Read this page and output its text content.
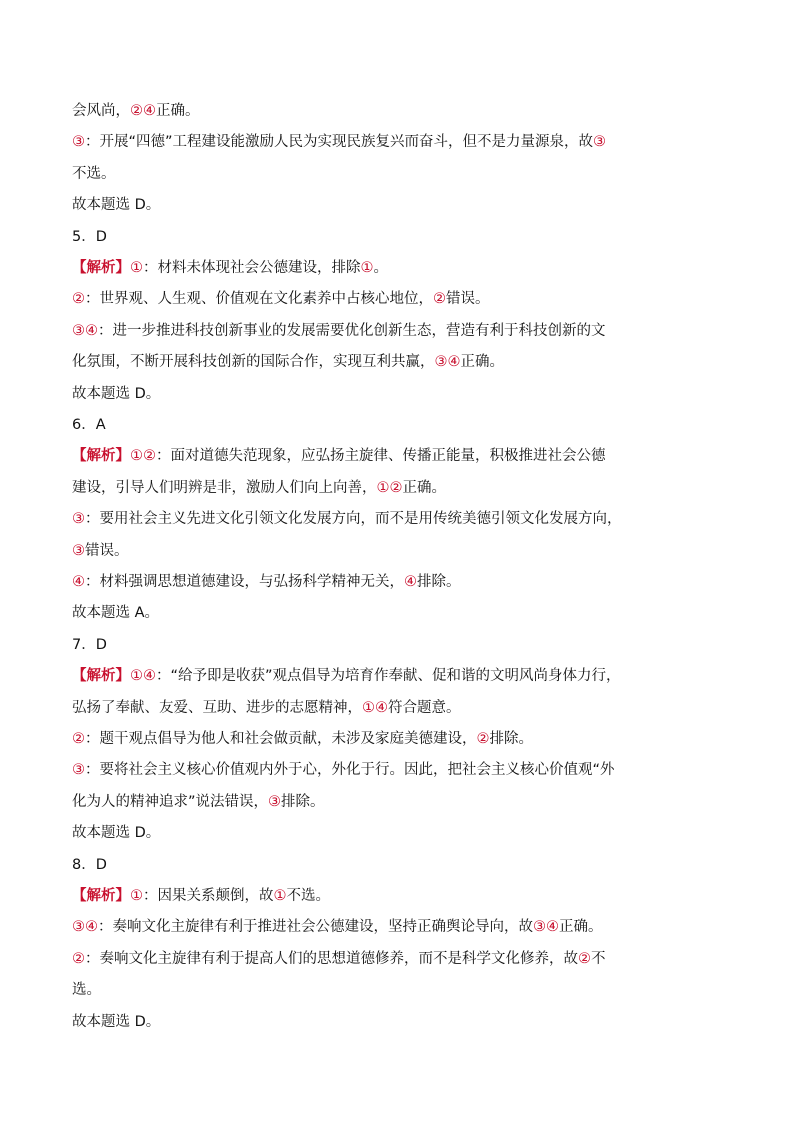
会风尚，②④正确。
③：开展“四德”工程建设能激励人民为实现民族复兴而奋斗，但不是力量源泉，故③
不选。
故本题选 D。
5．D
【解析】①：材料未体现社会公德建设，排除①。
②：世界观、人生观、价值观在文化素养中占核心地位，②错误。
③④：进一步推进科技创新事业的发展需要优化创新生态，营造有利于科技创新的文
化氛围，不断开展科技创新的国际合作，实现互利共赢，③④正确。
故本题选 D。
6．A
【解析】①②：面对道德失范现象，应弘扬主旋律、传播正能量，积极推进社会公德
建设，引导人们明辨是非，激励人们向上向善，①②正确。
③：要用社会主义先进文化引领文化发展方向，而不是用传统美德引领文化发展方向，
③错误。
④：材料强调思想道德建设，与弘扬科学精神无关，④排除。
故本题选 A。
7．D
【解析】①④：“给予即是收获”观点倡导为培育作奉献、促和谐的文明风尚身体力行，
弘扬了奉献、友爱、互助、进步的志愿精神，①④符合题意。
②：题干观点倡导为他人和社会做贡献，未涉及家庭美德建设，②排除。
③：要将社会主义核心价值观内外于心，外化于行。因此，把社会主义核心价值观“外
化为人的精神追求”说法错误，③排除。
故本题选 D。
8．D
【解析】①：因果关系颠倒，故①不选。
③④：奏响文化主旋律有利于推进社会公德建设，坚持正确舆论导向，故③④正确。
②：奏响文化主旋律有利于提高人们的思想道德修养，而不是科学文化修养，故②不
选。
故本题选 D。
